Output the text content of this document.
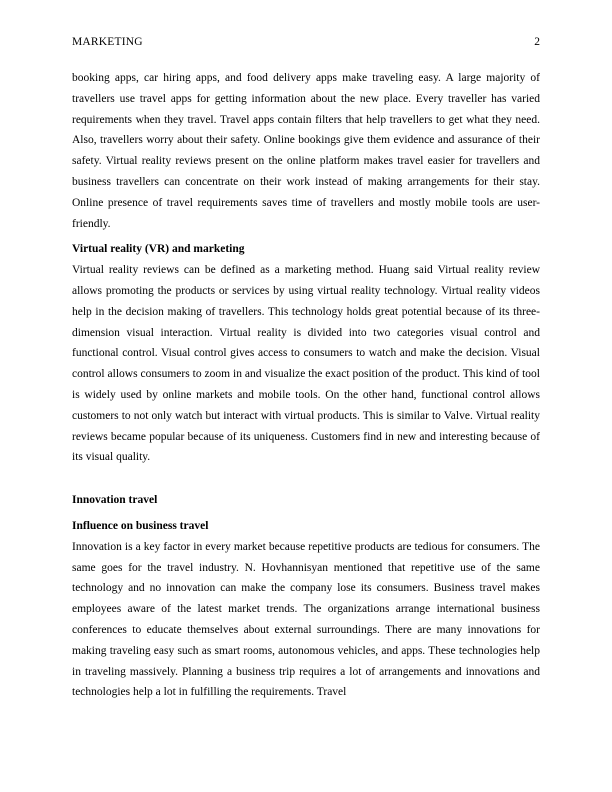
MARKETING	2

booking apps, car hiring apps, and food delivery apps make traveling easy. A large majority of travellers use travel apps for getting information about the new place. Every traveller has varied requirements when they travel. Travel apps contain filters that help travellers to get what they need. Also, travellers worry about their safety. Online bookings give them evidence and assurance of their safety. Virtual reality reviews present on the online platform makes travel easier for travellers and business travellers can concentrate on their work instead of making arrangements for their stay. Online presence of travel requirements saves time of travellers and mostly mobile tools are user-friendly.

Virtual reality (VR) and marketing

Virtual reality reviews can be defined as a marketing method. Huang said Virtual reality review allows promoting the products or services by using virtual reality technology. Virtual reality videos help in the decision making of travellers. This technology holds great potential because of its three-dimension visual interaction. Virtual reality is divided into two categories visual control and functional control. Visual control gives access to consumers to watch and make the decision. Visual control allows consumers to zoom in and visualize the exact position of the product. This kind of tool is widely used by online markets and mobile tools. On the other hand, functional control allows customers to not only watch but interact with virtual products. This is similar to Valve. Virtual reality reviews became popular because of its uniqueness. Customers find in new and interesting because of its visual quality.

Innovation travel
Influence on business travel

Innovation is a key factor in every market because repetitive products are tedious for consumers. The same goes for the travel industry. N. Hovhannisyan mentioned that repetitive use of the same technology and no innovation can make the company lose its consumers. Business travel makes employees aware of the latest market trends. The organizations arrange international business conferences to educate themselves about external surroundings. There are many innovations for making traveling easy such as smart rooms, autonomous vehicles, and apps. These technologies help in traveling massively. Planning a business trip requires a lot of arrangements and innovations and technologies help a lot in fulfilling the requirements. Travel
